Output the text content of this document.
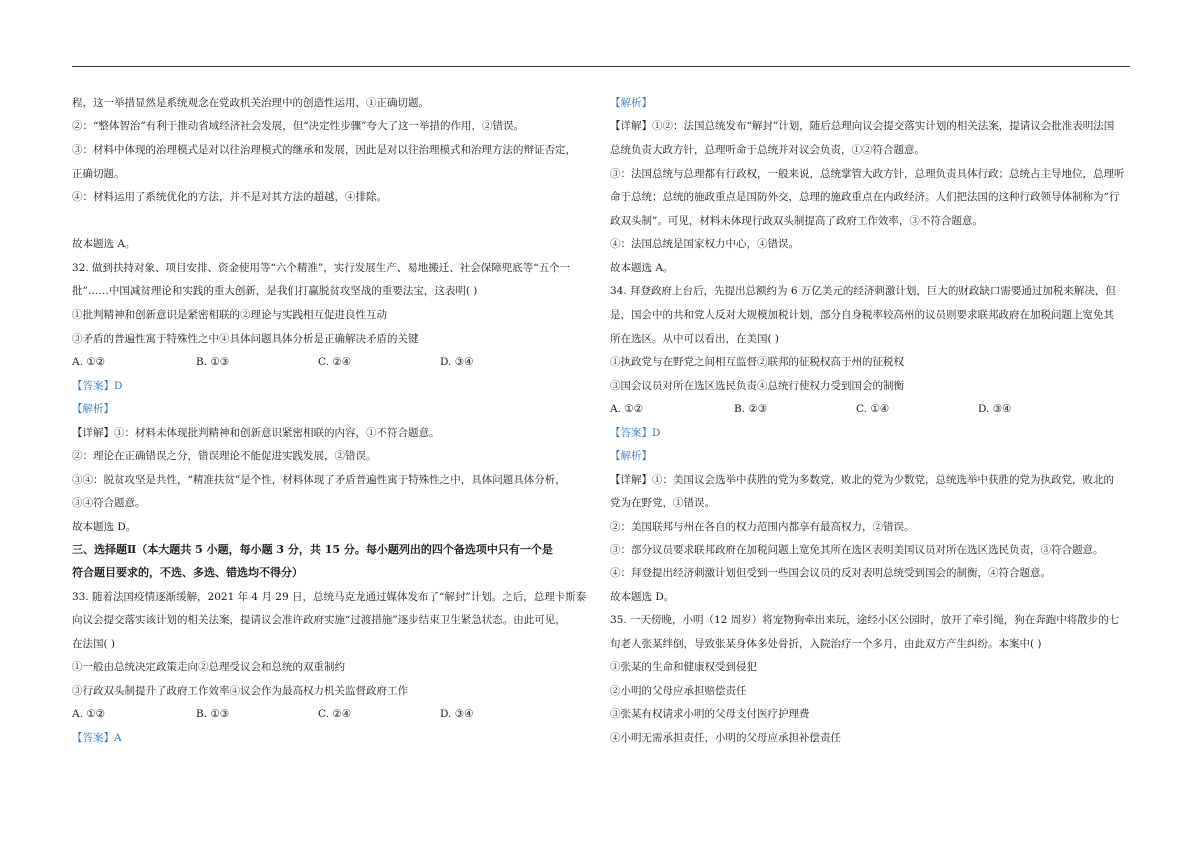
程，这一举措显然是系统观念在党政机关治理中的创造性运用，①正确切题。
②：“整体智治”有利于推动省域经济社会发展，但“决定性步骤”夸大了这一举措的作用，②错误。
③：材料中体现的治理模式是对以往治理模式的继承和发展，因此是对以往治理模式和治理方法的辩证否定，
正确切题。
④：材料运用了系统优化的方法，并不是对其方法的超越，④排除。
故本题选 A。
32. 做到扶持对象、项目安排、资金使用等“六个精准”，实行发展生产、易地搬迁、社会保障兜底等“五个一
批”……中国减贫理论和实践的重大创新，是我们打赢脱贫攻坚战的重要法宝，这表明( )
①批判精神和创新意识是紧密相联的②理论与实践相互促进良性互动
③矛盾的普遍性寓于特殊性之中④具体问题具体分析是正确解决矛盾的关键
A. ①②	B. ①③	C. ②④	D. ③④
【答案】D
【解析】
【详解】①：材料未体现批判精神和创新意识紧密相联的内容，①不符合题意。
②：理论在正确错误之分，错误理论不能促进实践发展，②错误。
③④：脱贫攻坚是共性，“精准扶贫”是个性，材料体现了矛盾普遍性寓于特殊性之中，具体问题具体分析，
③④符合题意。
故本题选 D。
三、选择题Ⅱ（本大题共 5 小题，每小题 3 分，共 15 分。每小题列出的四个备选项中只有一个是
符合题目要求的，不选、多选、错选均不得分）
33. 随着法国疫情逐渐缓解，2021 年 4 月 29 日，总统马克龙通过媒体发布了“解封”计划。之后，总理卡斯泰
向议会提交落实该计划的相关法案，提请议会准许政府实施“过渡措施”逐步结束卫生紧急状态。由此可见，
在法国( )
①一般由总统决定政策走向②总理受议会和总统的双重制约
③行政双头制提升了政府工作效率④议会作为最高权力机关监督政府工作
A. ①②	B. ①③	C. ②④	D. ③④
【答案】A
【解析】
【详解】①②：法国总统发布“解封”计划，随后总理向议会提交落实计划的相关法案，提请议会批准表明法国
总统负责大政方针，总理听命于总统并对议会负责，①②符合题意。
③：法国总统与总理都有行政权，一般来说，总统掌管大政方针，总理负责具体行政；总统占主导地位，总理听
命于总统；总统的施政重点是国防外交，总理的施政重点在内政经济。人们把法国的这种行政领导体制称为“行
政双头制”。可见，材料未体现行政双头制提高了政府工作效率，③不符合题意。
④：法国总统是国家权力中心，④错误。
故本题选 A。
34. 拜登政府上台后，先提出总额约为 6 万亿美元的经济刺激计划，巨大的财政缺口需要通过加税来解决，但
是，国会中的共和党人反对大规模加税计划，部分自身税率较高州的议员则要求联邦政府在加税问题上宽免其
所在选区。从中可以看出，在美国( )
①执政党与在野党之间相互监督②联邦的征税权高于州的征税权
③国会议员对所在选区选民负责④总统行使权力受到国会的制衡
A. ①②	B. ②③	C. ①④	D. ③④
【答案】D
【解析】
【详解】①：美国议会选举中获胜的党为多数党，败北的党为少数党，总统选举中获胜的党为执政党，败北的
党为在野党，①错误。
②：美国联邦与州在各自的权力范围内都享有最高权力，②错误。
③：部分议员要求联邦政府在加税问题上宽免其所在选区表明美国议员对所在选区选民负责，③符合题意。
④：拜登提出经济刺激计划但受到一些国会议员的反对表明总统受到国会的制衡，④符合题意。
故本题选 D。
35. 一天傍晚，小明（12 周岁）将宠物狗牵出来玩，途经小区公园时，放开了牵引绳，狗在奔跑中将散步的七
旬老人张某绊倒，导致张某身体多处骨折，入院治疗一个多月，由此双方产生纠纷。本案中( )
①张某的生命和健康权受到侵犯
②小明的父母应承担赔偿责任
③张某有权请求小明的父母支付医疗护理费
④小明无需承担责任，小明的父母应承担补偿责任
